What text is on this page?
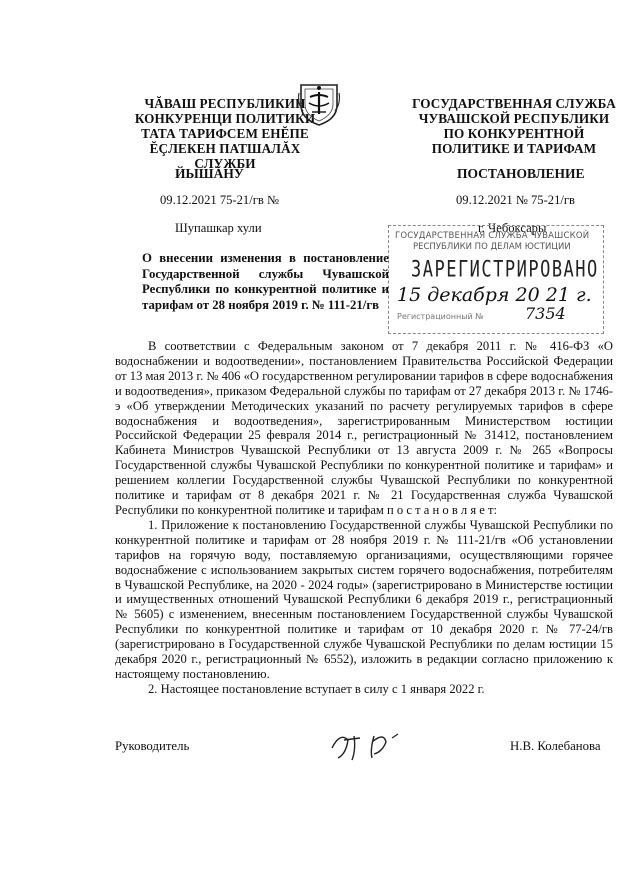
ЧĂВАШ РЕСПУБЛИКИН
КОНКУРЕНЦИ ПОЛИТИКИ
ТАТА ТАРИФСЕМ ЕНĔПЕ
ĔÇЛЕКЕН ПАТШАЛĂХ СЛУЖБИ
ГОСУДАРСТВЕННАЯ СЛУЖБА
ЧУВАШСКОЙ РЕСПУБЛИКИ
ПО КОНКУРЕНТНОЙ
ПОЛИТИКЕ И ТАРИФАМ
ЙЫШĂНУ	ПОСТАНОВЛЕНИЕ
09.12.2021 75-21/гв №	09.12.2021 № 75-21/гв
Шупашкар хули	г. Чебоксары
ГОСУДАРСТВЕННАЯ СЛУЖБА ЧУВАШСКОЙ
РЕСПУБЛИКИ ПО ДЕЛАМ ЮСТИЦИИ
ЗАРЕГИСТРИРОВАНО
15 декабря 20 21 г.
Регистрационный №	7354
О внесении изменения в постановление
Государственной службы Чувашской
Республики по конкурентной политике и
тарифам от 28 ноября 2019 г. № 111-21/гв

В соответствии с Федеральным законом от 7 декабря 2011 г. № 416-ФЗ «О водоснабжении и водоотведении», постановлением Правительства Российской Федерации от 13 мая 2013 г. № 406 «О государственном регулировании тарифов в сфере водоснабжения и водоотведения», приказом Федеральной службы по тарифам от 27 декабря 2013 г. № 1746-э «Об утверждении Методических указаний по расчету регулируемых тарифов в сфере водоснабжения и водоотведения», зарегистрированным Министерством юстиции Российской Федерации 25 февраля 2014 г., регистрационный № 31412, постановлением Кабинета Министров Чувашской Республики от 13 августа 2009 г. № 265 «Вопросы Государственной службы Чувашской Республики по конкурентной политике и тарифам» и решением коллегии Государственной службы Чувашской Республики по конкурентной политике и тарифам от 8 декабря 2021 г. № 21 Государственная служба Чувашской Республики по конкурентной политике и тарифам п о с т а н о в л я е т:

1. Приложение к постановлению Государственной службы Чувашской Республики по конкурентной политике и тарифам от 28 ноября 2019 г. № 111-21/гв «Об установлении тарифов на горячую воду, поставляемую организациями, осуществляющими горячее водоснабжение с использованием закрытых систем горячего водоснабжения, потребителям в Чувашской Республике, на 2020 - 2024 годы» (зарегистрировано в Министерстве юстиции и имущественных отношений Чувашской Республики 6 декабря 2019 г., регистрационный № 5605) с изменением, внесенным постановлением Государственной службы Чувашской Республики по конкурентной политике и тарифам от 10 декабря 2020 г. № 77-24/гв (зарегистрировано в Государственной службе Чувашской Республики по делам юстиции 15 декабря 2020 г., регистрационный № 6552), изложить в редакции согласно приложению к настоящему постановлению.

2. Настоящее постановление вступает в силу с 1 января 2022 г.

Руководитель	Н.В. Колебанова
